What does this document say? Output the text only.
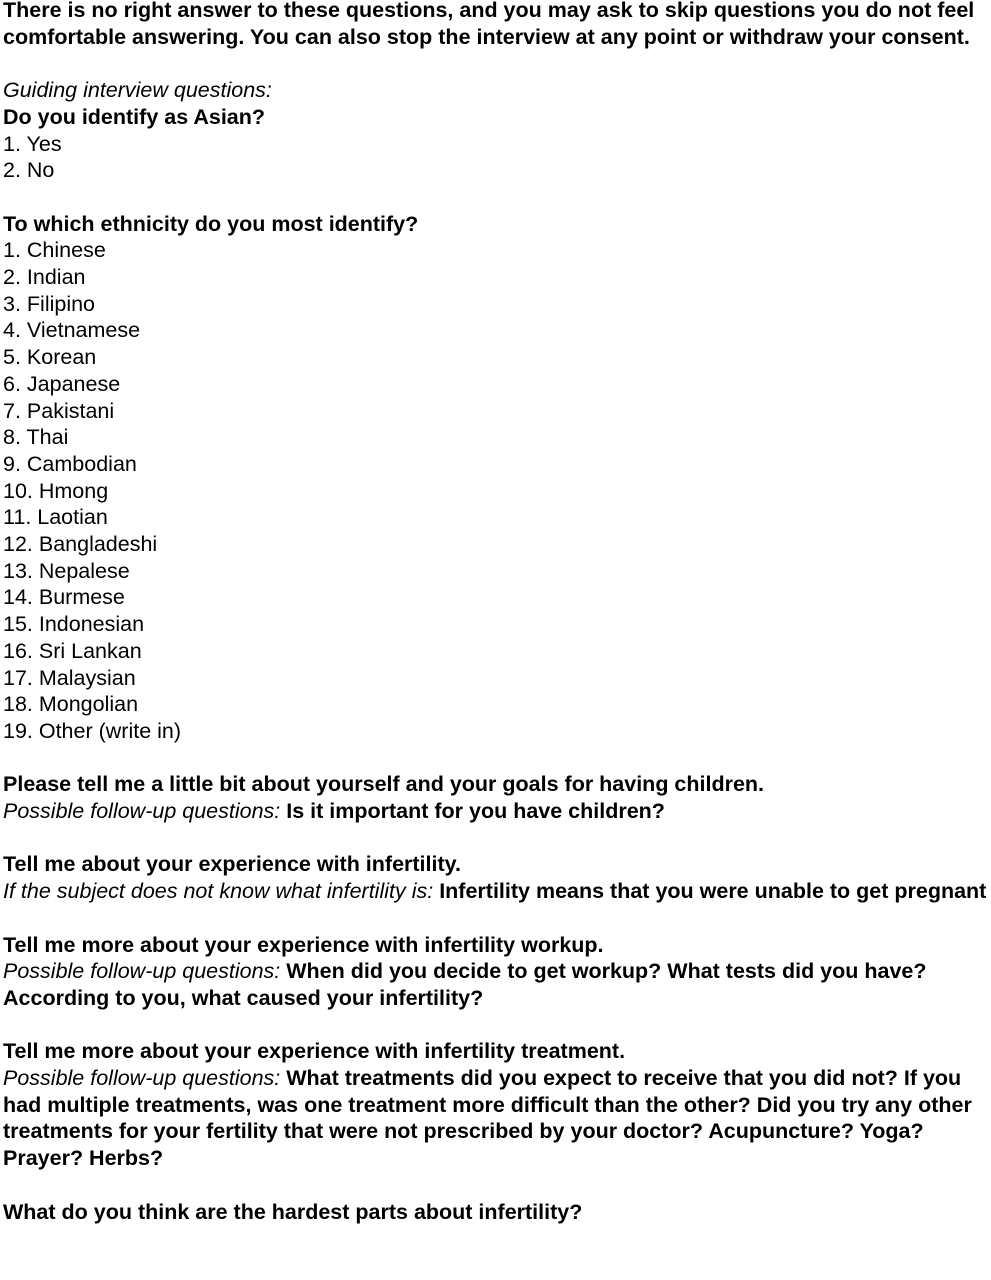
There is no right answer to these questions, and you may ask to skip questions you do not feel comfortable answering. You can also stop the interview at any point or withdraw your consent.
Guiding interview questions:
Do you identify as Asian?
1. Yes
2. No
To which ethnicity do you most identify?
1. Chinese
2. Indian
3. Filipino
4. Vietnamese
5. Korean
6. Japanese
7. Pakistani
8. Thai
9. Cambodian
10. Hmong
11. Laotian
12. Bangladeshi
13. Nepalese
14. Burmese
15. Indonesian
16. Sri Lankan
17. Malaysian
18. Mongolian
19. Other (write in)
Please tell me a little bit about yourself and your goals for having children.
Possible follow-up questions: Is it important for you have children?
Tell me about your experience with infertility.
If the subject does not know what infertility is: Infertility means that you were unable to get pregnant
Tell me more about your experience with infertility workup.
Possible follow-up questions: When did you decide to get workup? What tests did you have? According to you, what caused your infertility?
Tell me more about your experience with infertility treatment.
Possible follow-up questions: What treatments did you expect to receive that you did not? If you had multiple treatments, was one treatment more difficult than the other? Did you try any other treatments for your fertility that were not prescribed by your doctor? Acupuncture? Yoga? Prayer? Herbs?
What do you think are the hardest parts about infertility?
